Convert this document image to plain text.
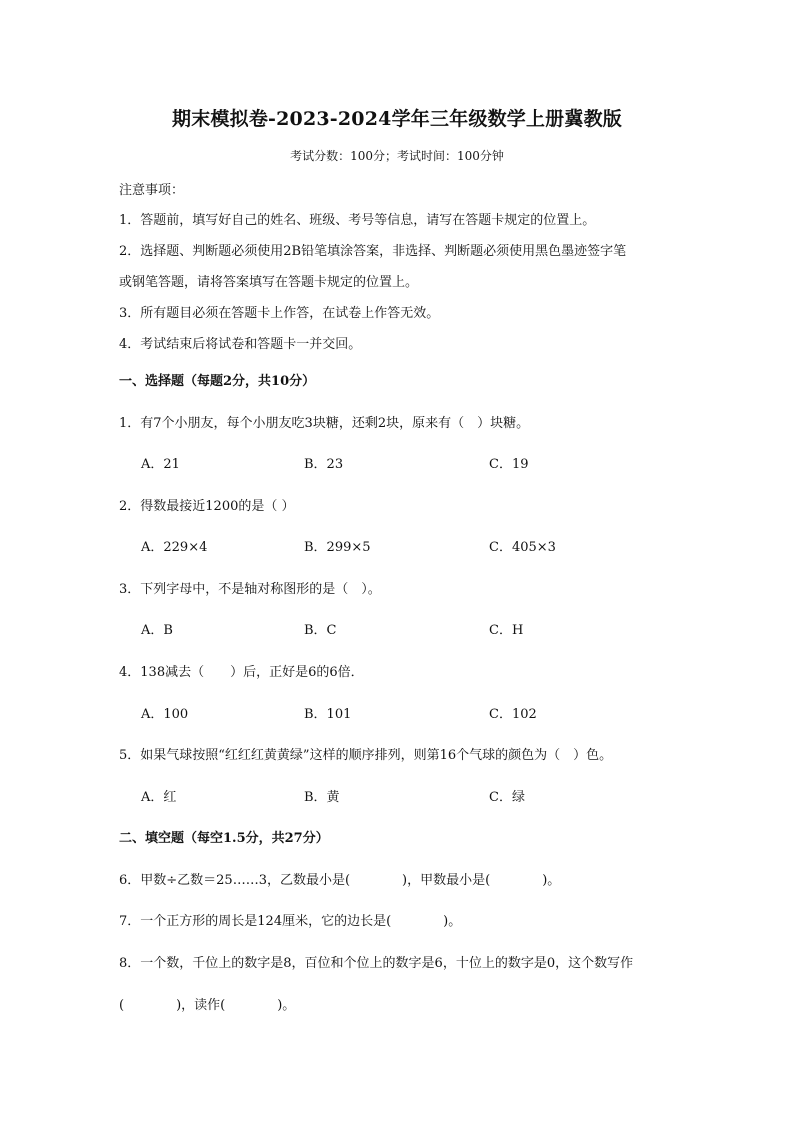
期末模拟卷-2023-2024学年三年级数学上册冀教版
考试分数：100分；考试时间：100分钟
注意事项：
1．答题前，填写好自己的姓名、班级、考号等信息，请写在答题卡规定的位置上。
2．选择题、判断题必须使用2B铅笔填涂答案，非选择、判断题必须使用黑色墨迹签字笔
或钢笔答题，请将答案填写在答题卡规定的位置上。
3．所有题目必须在答题卡上作答，在试卷上作答无效。
4．考试结束后将试卷和答题卡一并交回。
一、选择题（每题2分，共10分）
1．有7个小朋友，每个小朋友吃3块糖，还剩2块，原来有（　）块糖。
A．21	B．23	C．19
2．得数最接近1200的是（ ）
A．229×4	B．299×5	C．405×3
3．下列字母中，不是轴对称图形的是（　）。
A．B	B．C	C．H
4．138减去（　　）后，正好是6的6倍．
A．100	B．101	C．102
5．如果气球按照“红红红黄黄绿”这样的顺序排列，则第16个气球的颜色为（　）色。
A．红	B．黄	C．绿
二、填空题（每空1.5分，共27分）
6．甲数÷乙数＝25……3，乙数最小是(　　　　)，甲数最小是(　　　　)。
7．一个正方形的周长是124厘米，它的边长是(　　　　)。
8．一个数，千位上的数字是8，百位和个位上的数字是6，十位上的数字是0，这个数写作
(　　　　)，读作(　　　　)。
